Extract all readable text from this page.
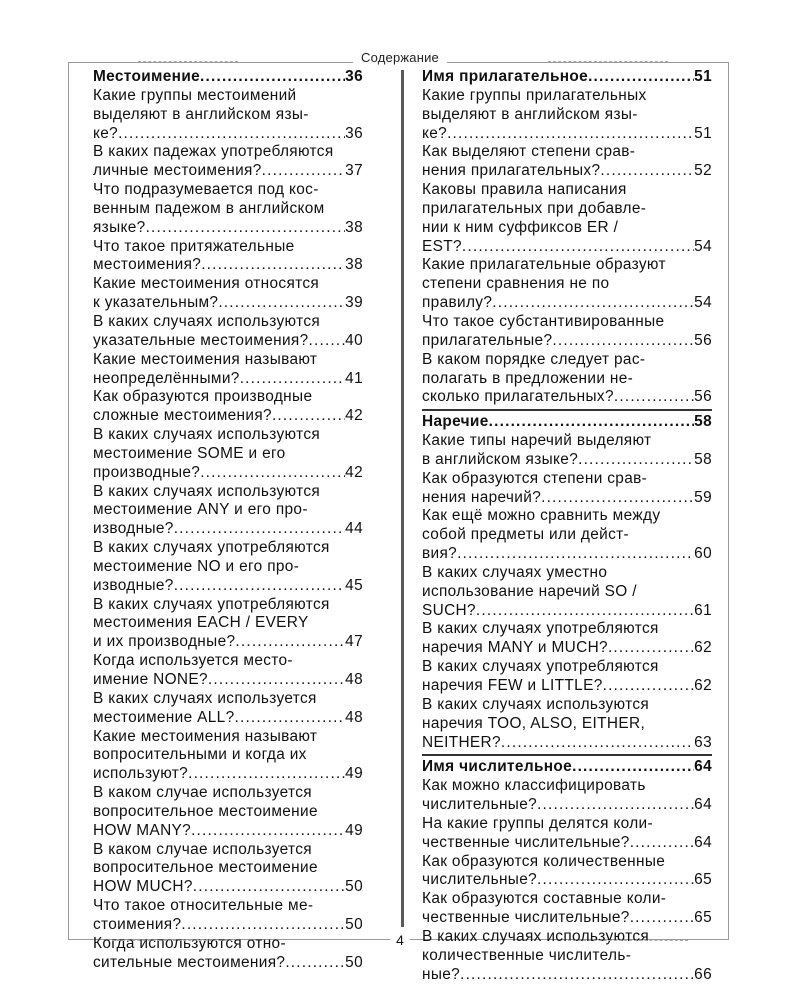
Содержание
Местоимение .....	36
Какие группы местоимений
выделяют в английском язы-
ке? .....	36
В каких падежах употребляются
личные местоимения? .....	37
Что подразумевается под кос-
венным падежом в английском
языке? .....	38
Что такое притяжательные
местоимения? .....	38
Какие местоимения относятся
к указательным? .....	39
В каких случаях используются
указательные местоимения? ..... 40
Какие местоимения называют
неопределёнными? .....	41
Как образуются производные
сложные местоимения? .....	42
В каких случаях используются
местоимение SOME и его
производные? .....	42
В каких случаях используются
местоимение ANY и его про-
изводные? .....	44
В каких случаях употребляются
местоимение NO и его про-
изводные? .....	45
В каких случаях употребляются
местоимения EACH / EVERY
и их производные? .....	47
Когда используется место-
имение NONE? .....	48
В каких случаях используется
местоимение ALL? .....	48
Какие местоимения называют
вопросительными и когда их
используют? .....	49
В каком случае используется
вопросительное местоимение
HOW MANY? .....	49
В каком случае используется
вопросительное местоимение
HOW MUCH? .....	50
Что такое относительные ме-
стоимения? .....	50
Когда используются отно-
сительные местоимения? .....	50
Имя прилагательное .....	51
Какие группы прилагательных
выделяют в английском язы-
ке? .....	51
Как выделяют степени срав-
нения прилагательных? .....	52
Каковы правила написания
прилагательных при добавле-
нии к ним суффиксов ER /
EST? .....	54
Какие прилагательные образуют
степени сравнения не по
правилу? .....	54
Что такое субстантивированные
прилагательные? .....	56
В каком порядке следует рас-
полагать в предложении не-
сколько прилагательных? .....	56
Наречие .....	58
Какие типы наречий выделяют
в английском языке? .....	58
Как образуются степени срав-
нения наречий? .....	59
Как ещё можно сравнить между
собой предметы или дейст-
вия? .....	60
В каких случаях уместно
использование наречий SO /
SUCH? .....	61
В каких случаях употребляются
наречия MANY и MUCH? .....	62
В каких случаях употребляются
наречия FEW и LITTLE? .....	62
В каких случаях используются
наречия TOO, ALSO, EITHER,
NEITHER? .....	63
Имя числительное .....	64
Как можно классифицировать
числительные? .....	64
На какие группы делятся коли-
чественные числительные? .....	64
Как образуются количественные
числительные? .....	65
Как образуются составные коли-
чественные числительные? .....	65
В каких случаях используются
количественные числитель-
ные? .....	66
4
